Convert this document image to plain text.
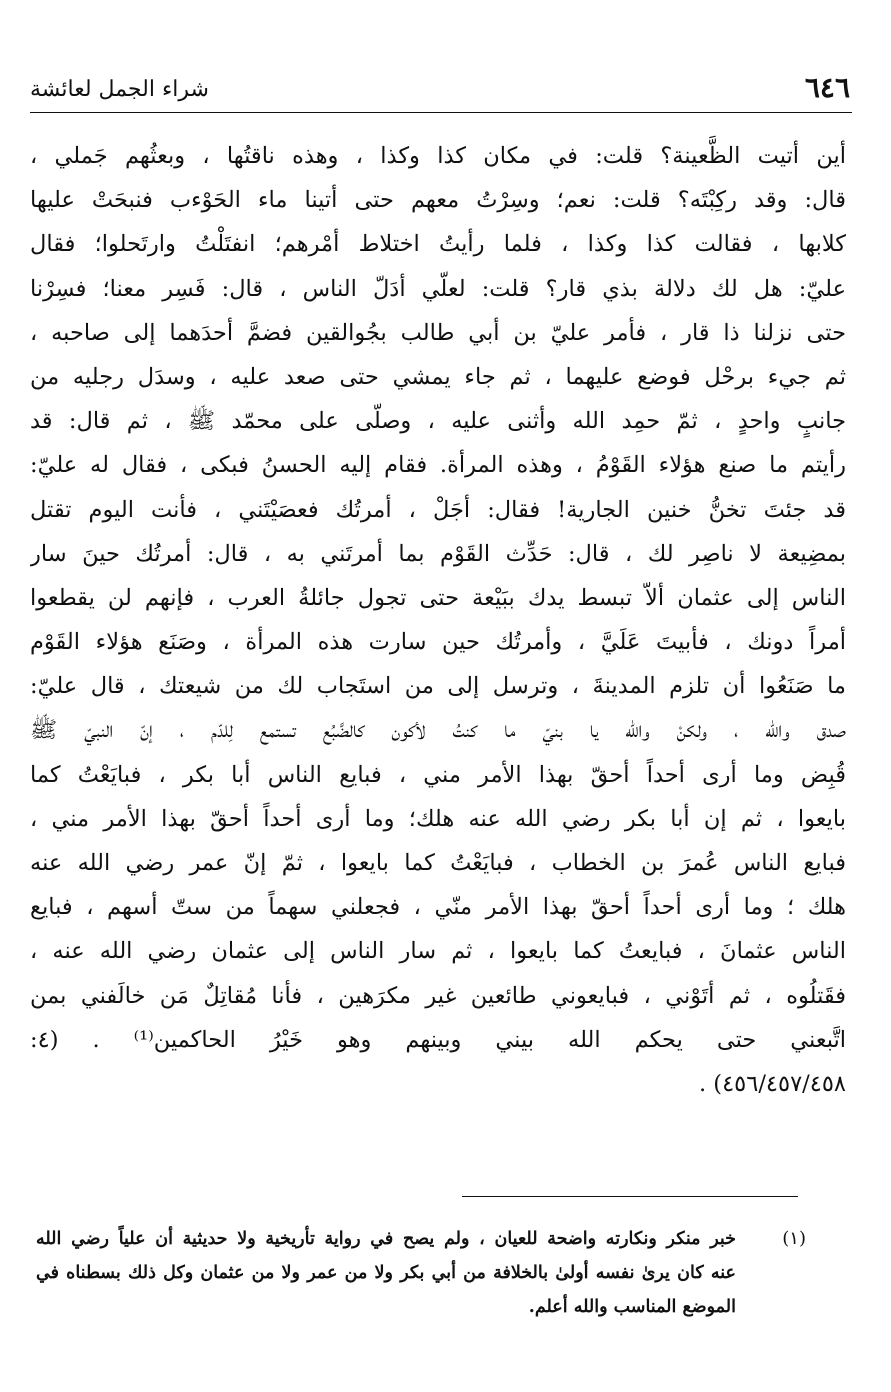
٦٤٦
شراء الجمل لعائشة
أين أتيت الظَّعينة؟ قلت: في مكان كذا وكذا ، وهذه ناقتُها ، وبعثُهم جَملي ،
قال: وقد ركِبْتَه؟ قلت: نعم؛ وسِرْتُ معهم حتى أتينا ماء الحَوْءب فنبحَتْ عليها
كلابها ، فقالت كذا وكذا ، فلما رأيتُ اختلاط أمْرهم؛ انفتَلْتُ وارتَحلوا؛ فقال
عليّ: هل لك دلالة بذي قار؟ قلت: لعلّي أدَلّ الناس ، قال: فَسِر معنا؛ فسِرْنا
حتى نزلنا ذا قار ، فأمر عليّ بن أبي طالب بجُوالقين فضمَّ أحدَهما إلى صاحبه ،
ثم جيء برحْل فوضع عليهما ، ثم جاء يمشي حتى صعد عليه ، وسدَل رجليه من
جانبٍ واحدٍ ، ثمّ حمِد الله وأثنى عليه ، وصلّى على محمّد ﷺ ، ثم قال: قد
رأيتم ما صنع هؤلاء القَوْمُ ، وهذه المرأة. فقام إليه الحسنُ فبكى ، فقال له عليّ:
قد جئتَ تخنُّ خنين الجارية! فقال: أجَلْ ، أمرتُك فعصَيْتَني ، فأنت اليوم تقتل
بمضِيعة لا ناصِر لك ، قال: حَدِّث القَوْم بما أمرتَني به ، قال: أمرتُك حينَ سار
الناس إلى عثمان ألاّ تبسط يدك ببَيْعة حتى تجول جائلةُ العرب ، فإنهم لن يقطعوا
أمراً دونك ، فأبيتَ عَلَيَّ ، وأمرتُك حين سارت هذه المرأة ، وصَنَع هؤلاء القَوْم
ما صَنَعُوا أن تلزم المدينةَ ، وترسل إلى من استَجاب لك من شيعتك ، قال عليّ:
صدق والله ، ولكنْ والله يا بنيّ ما كنتُ لأكون كالضَّبُع تستمع لِلدّم ، إنّ النبيّ ﷺ
قُبِض وما أرى أحداً أحقّ بهذا الأمر مني ، فبايع الناس أبا بكر ، فبايَعْتُ كما
بايعوا ، ثم إن أبا بكر رضي الله عنه هلك؛ وما أرى أحداً أحقّ بهذا الأمر مني ،
فبايع الناس عُمرَ بن الخطاب ، فبايَعْتُ كما بايعوا ، ثمّ إنّ عمر رضي الله عنه
هلك ؛ وما أرى أحداً أحقّ بهذا الأمر منّي ، فجعلني سهماً من ستّ أسهم ، فبايع
الناس عثمانَ ، فبايعتُ كما بايعوا ، ثم سار الناس إلى عثمان رضي الله عنه ،
فقَتلُوه ، ثم أتَوْني ، فبايعوني طائعين غير مكرَهين ، فأنا مُقاتِلٌ مَن خالَفني بمن
اتَّبعني حتى يحكم الله بيني وبينهم وهو خَيْرُ الحاكمين⁽¹⁾ . (٤:
٤٥٦/٤٥٧/٤٥٨) .
(١)
خبر منكر ونكارته واضحة للعيان ، ولم يصح في رواية تأريخية ولا حديثية أن علياً رضي الله
عنه كان يرىٰ نفسه أولىٰ بالخلافة من أبي بكر ولا من عمر ولا من عثمان وكل ذلك بسطناه في
الموضع المناسب والله أعلم.
